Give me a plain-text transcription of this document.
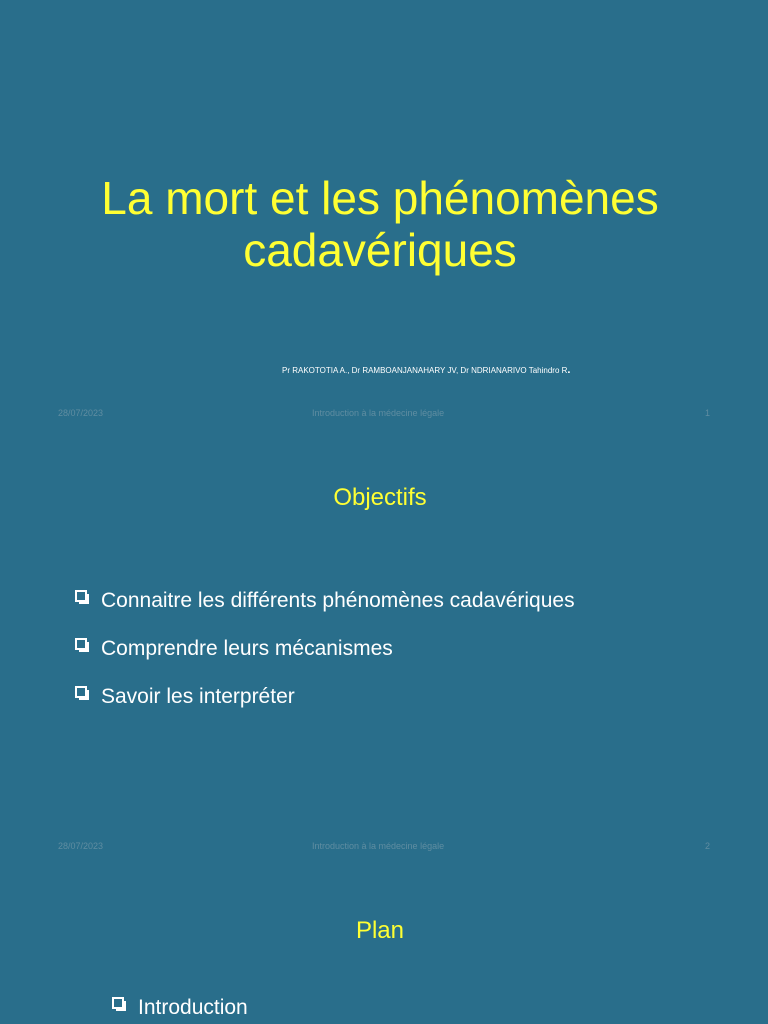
La mort et les phénomènes
cadavériques
Pr RAKOTOTIA A., Dr RAMBOANJANAHARY JV, Dr NDRIANARIVO Tahindro R.
28/07/2023	Introduction à la médecine légale	1
Objectifs
Connaitre les différents phénomènes cadavériques
Comprendre leurs mécanismes
Savoir les interpréter
28/07/2023	Introduction à la médecine légale	2
Plan
Introduction
